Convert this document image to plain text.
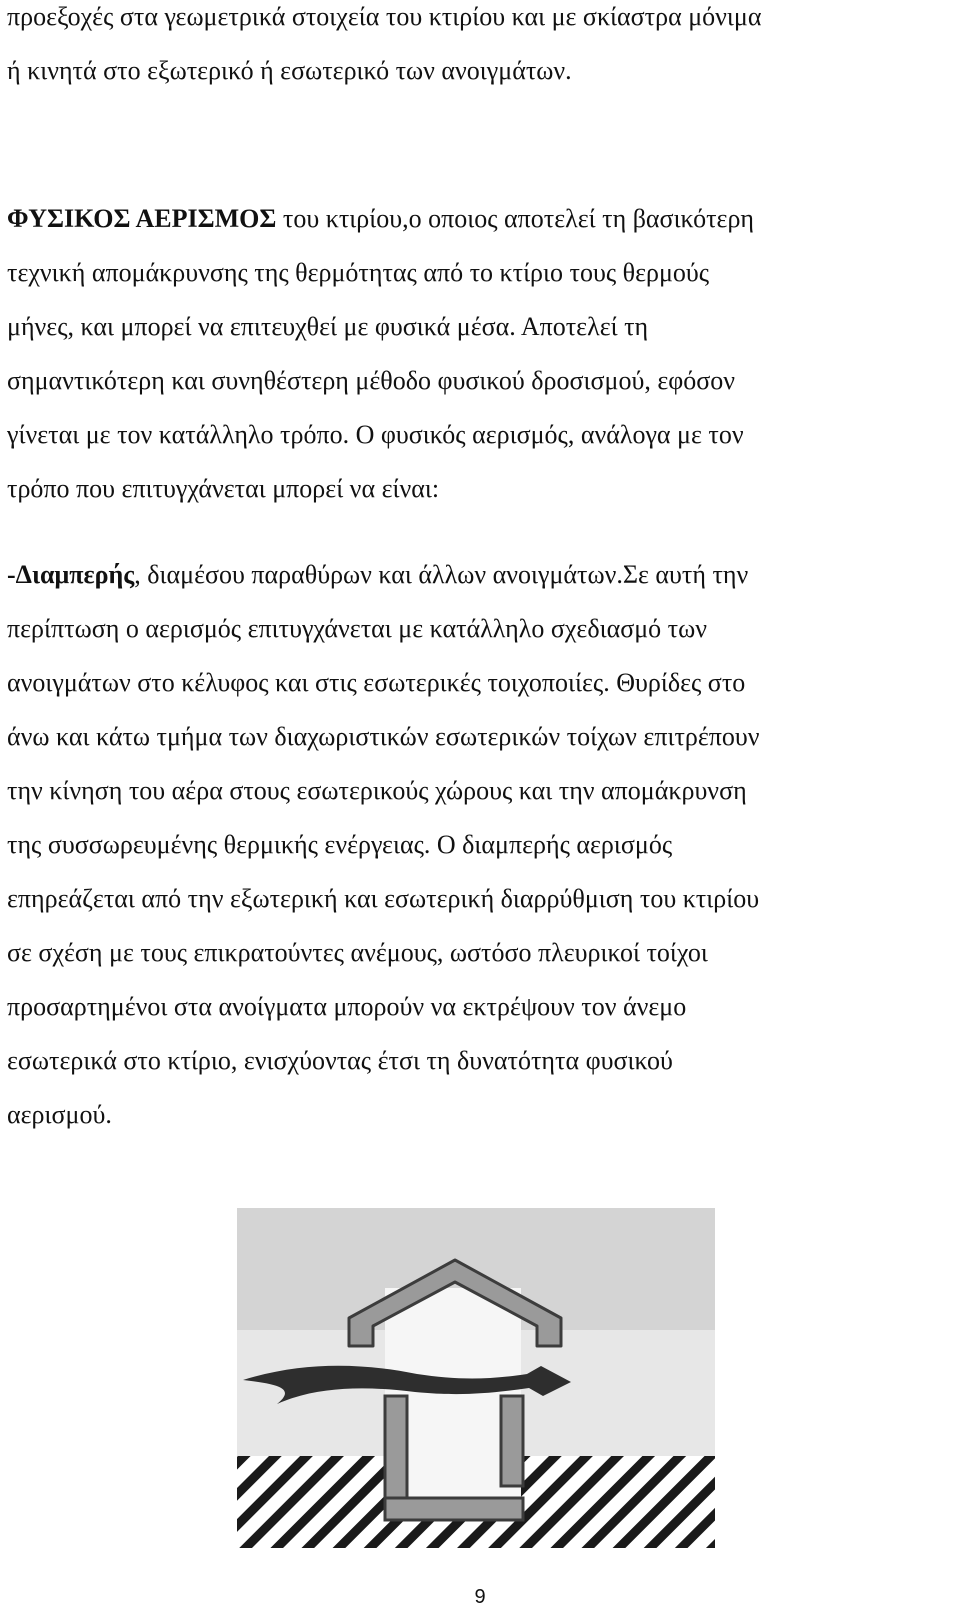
προεξοχές στα γεωμετρικά στοιχεία του κτιρίου και με σκίαστρα μόνιμα
ή κινητά στο εξωτερικό ή εσωτερικό των ανοιγμάτων.
ΦΥΣΙΚΟΣ ΑΕΡΙΣΜΟΣ του κτιρίου,ο οποιος αποτελεί τη βασικότερη
τεχνική απομάκρυνσης της θερμότητας από το κτίριο τους θερμούς
μήνες, και μπορεί να επιτευχθεί με φυσικά μέσα. Αποτελεί τη
σημαντικότερη και συνηθέστερη μέθοδο φυσικού δροσισμού, εφόσον
γίνεται με τον κατάλληλο τρόπο. Ο φυσικός αερισμός, ανάλογα με τον
τρόπο που επιτυγχάνεται μπορεί να είναι:
-Διαμπερής, διαμέσου παραθύρων και άλλων ανοιγμάτων.Σε αυτή την
περίπτωση ο αερισμός επιτυγχάνεται με κατάλληλο σχεδιασμό των
ανοιγμάτων στο κέλυφος και στις εσωτερικές τοιχοποιίες. Θυρίδες στο
άνω και κάτω τμήμα των διαχωριστικών εσωτερικών τοίχων επιτρέπουν
την κίνηση του αέρα στους εσωτερικούς χώρους και την απομάκρυνση
της συσσωρευμένης θερμικής ενέργειας. Ο διαμπερής αερισμός
επηρεάζεται από την εξωτερική και εσωτερική διαρρύθμιση του κτιρίου
σε σχέση με τους επικρατούντες ανέμους, ωστόσο πλευρικοί τοίχοι
προσαρτημένοι στα ανοίγματα μπορούν να εκτρέψουν τον άνεμο
εσωτερικά στο κτίριο, ενισχύοντας έτσι τη δυνατότητα φυσικού
αερισμού.
9
